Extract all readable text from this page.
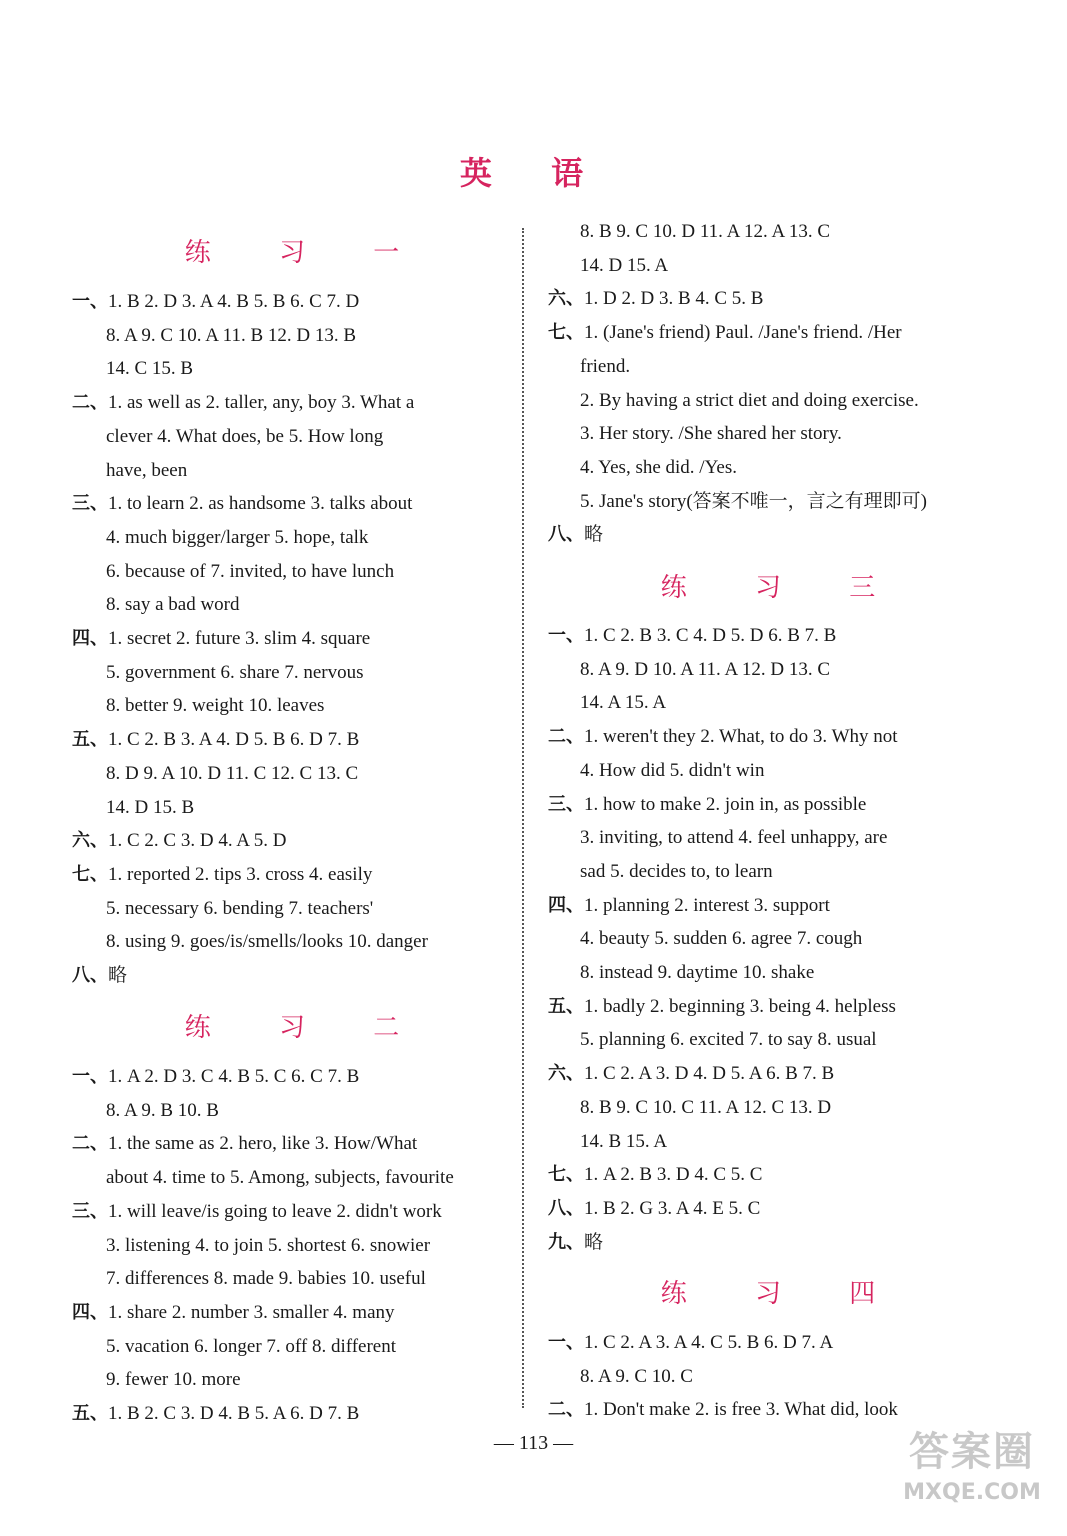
英 语
练 习 一
一、1. B 2. D 3. A 4. B 5. B 6. C 7. D
8. A 9. C 10. A 11. B 12. D 13. B
14. C 15. B
二、1. as well as 2. taller, any, boy 3. What a
clever 4. What does, be 5. How long
have, been
三、1. to learn 2. as handsome 3. talks about
4. much bigger/larger 5. hope, talk
6. because of 7. invited, to have lunch
8. say a bad word
四、1. secret 2. future 3. slim 4. square
5. government 6. share 7. nervous
8. better 9. weight 10. leaves
五、1. C 2. B 3. A 4. D 5. B 6. D 7. B
8. D 9. A 10. D 11. C 12. C 13. C
14. D 15. B
六、1. C 2. C 3. D 4. A 5. D
七、1. reported 2. tips 3. cross 4. easily
5. necessary 6. bending 7. teachers'
8. using 9. goes/is/smells/looks 10. danger
八、略
练 习 二
一、1. A 2. D 3. C 4. B 5. C 6. C 7. B
8. A 9. B 10. B
二、1. the same as 2. hero, like 3. How/What
about 4. time to 5. Among, subjects, favourite
三、1. will leave/is going to leave 2. didn't work
3. listening 4. to join 5. shortest 6. snowier
7. differences 8. made 9. babies 10. useful
四、1. share 2. number 3. smaller 4. many
5. vacation 6. longer 7. off 8. different
9. fewer 10. more
五、1. B 2. C 3. D 4. B 5. A 6. D 7. B
8. B 9. C 10. D 11. A 12. A 13. C
14. D 15. A
六、1. D 2. D 3. B 4. C 5. B
七、1. (Jane's friend) Paul. /Jane's friend. /Her
friend.
2. By having a strict diet and doing exercise.
3. Her story. /She shared her story.
4. Yes, she did. /Yes.
5. Jane's story(答案不唯一，言之有理即可)
八、略
练 习 三
一、1. C 2. B 3. C 4. D 5. D 6. B 7. B
8. A 9. D 10. A 11. A 12. D 13. C
14. A 15. A
二、1. weren't they 2. What, to do 3. Why not
4. How did 5. didn't win
三、1. how to make 2. join in, as possible
3. inviting, to attend 4. feel unhappy, are
sad 5. decides to, to learn
四、1. planning 2. interest 3. support
4. beauty 5. sudden 6. agree 7. cough
8. instead 9. daytime 10. shake
五、1. badly 2. beginning 3. being 4. helpless
5. planning 6. excited 7. to say 8. usual
六、1. C 2. A 3. D 4. D 5. A 6. B 7. B
8. B 9. C 10. C 11. A 12. C 13. D
14. B 15. A
七、1. A 2. B 3. D 4. C 5. C
八、1. B 2. G 3. A 4. E 5. C
九、略
练 习 四
一、1. C 2. A 3. A 4. C 5. B 6. D 7. A
8. A 9. C 10. C
二、1. Don't make 2. is free 3. What did, look
— 113 —	答案圈
MXQE.COM
